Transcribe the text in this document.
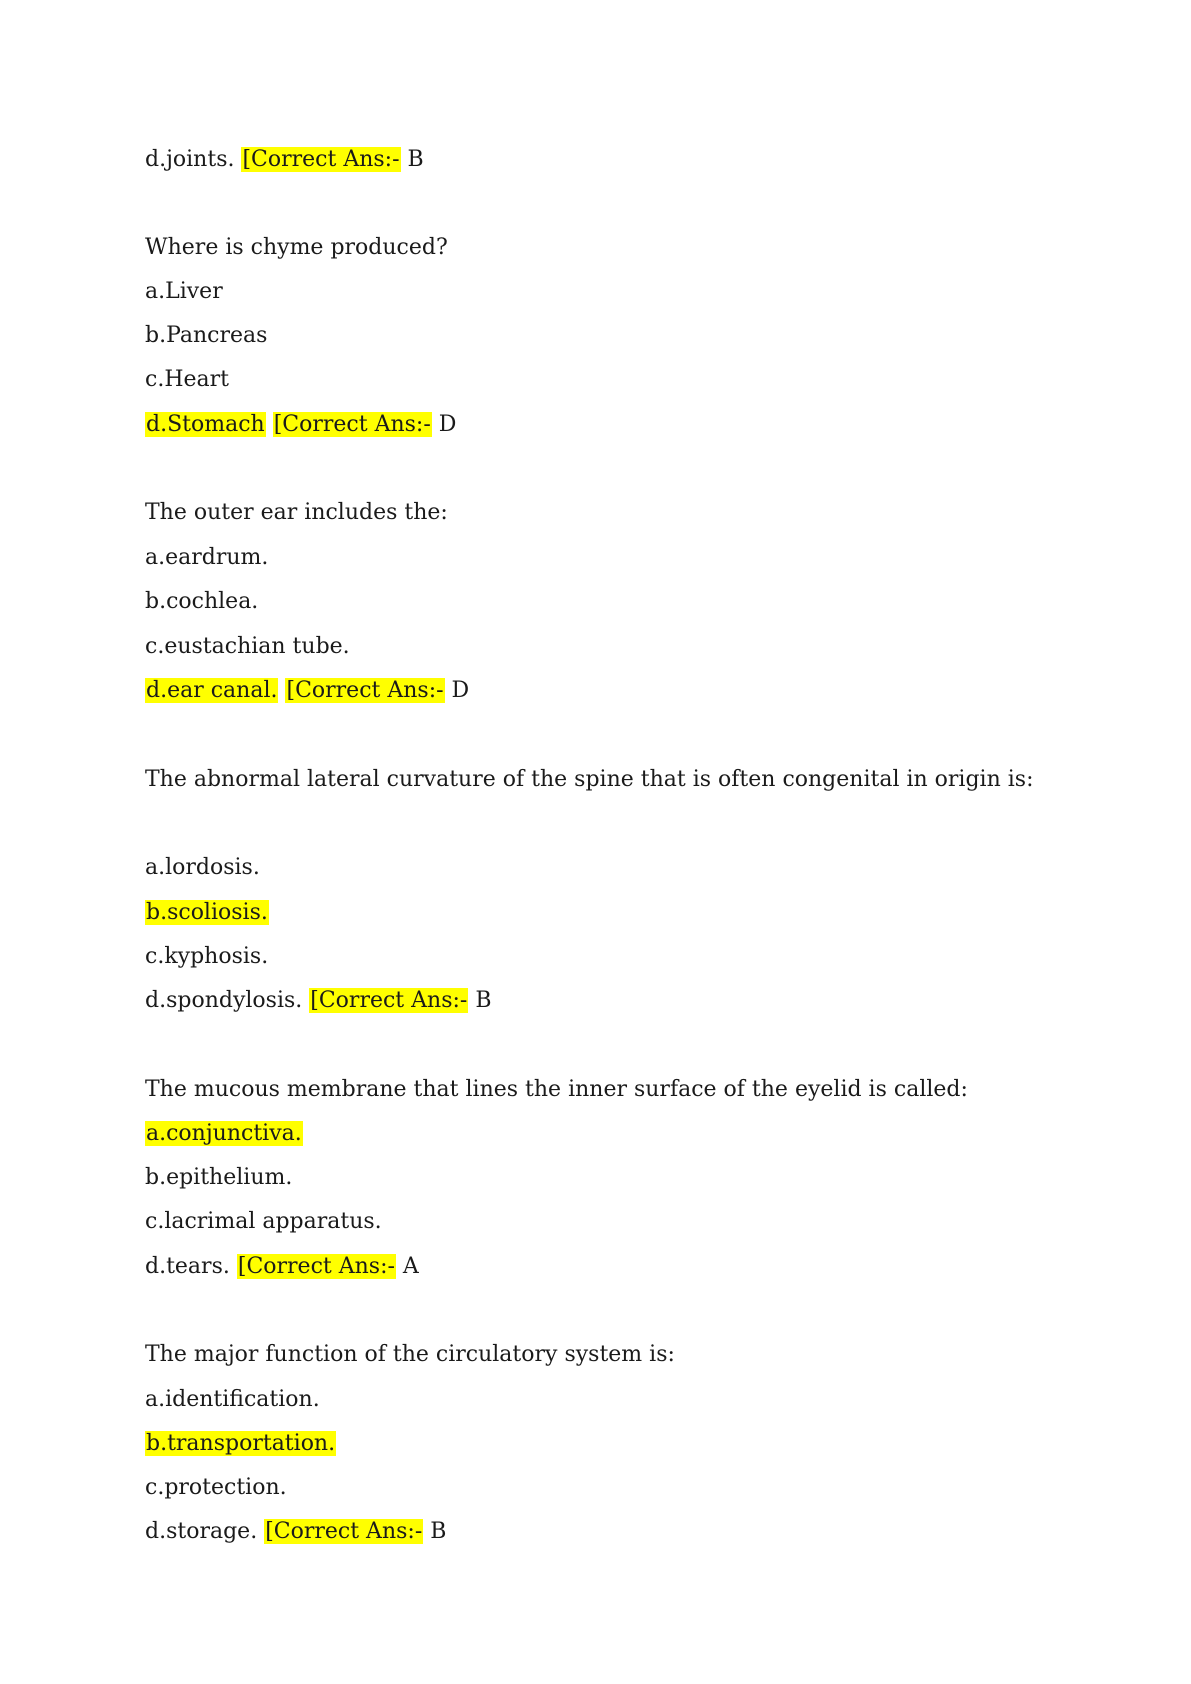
d.joints. [Correct Ans:- B
Where is chyme produced?
a.Liver
b.Pancreas
c.Heart
d.Stomach [Correct Ans:- D
The outer ear includes the:
a.eardrum.
b.cochlea.
c.eustachian tube.
d.ear canal. [Correct Ans:- D
The abnormal lateral curvature of the spine that is often congenital in origin is:
a.lordosis.
b.scoliosis.
c.kyphosis.
d.spondylosis. [Correct Ans:- B
The mucous membrane that lines the inner surface of the eyelid is called:
a.conjunctiva.
b.epithelium.
c.lacrimal apparatus.
d.tears. [Correct Ans:- A
The major function of the circulatory system is:
a.identification.
b.transportation.
c.protection.
d.storage. [Correct Ans:- B
